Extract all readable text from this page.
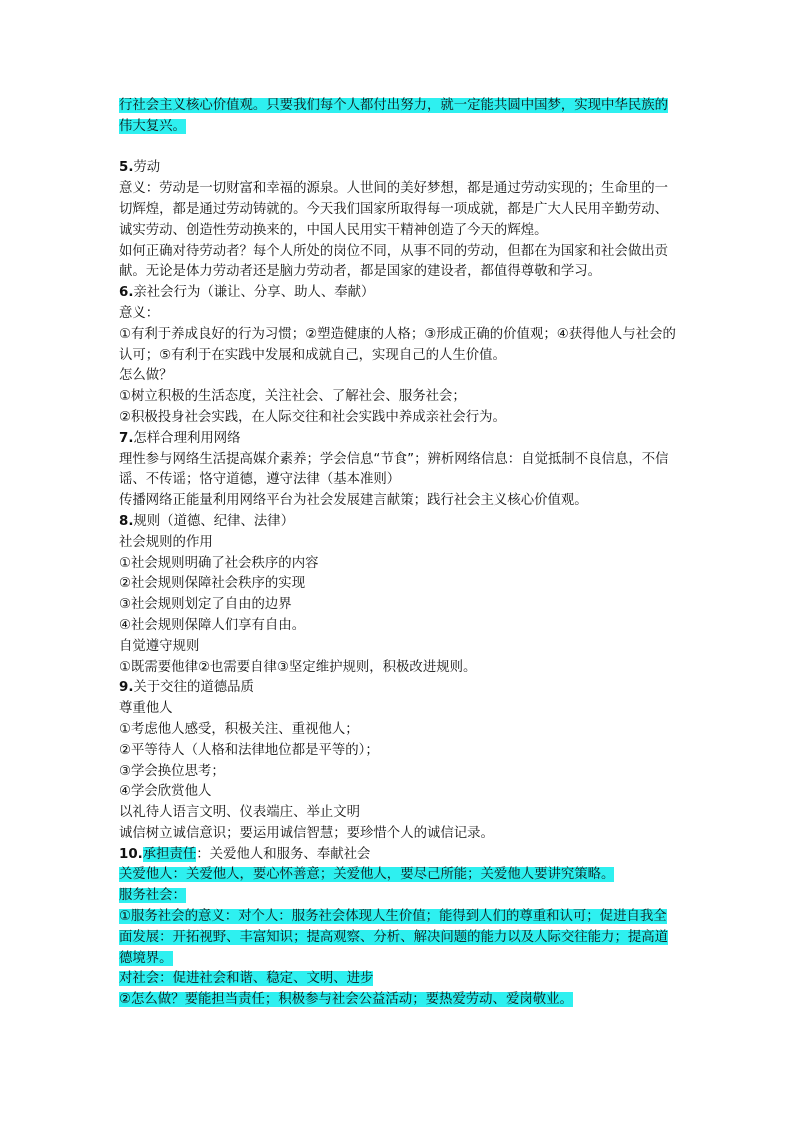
行社会主义核心价值观。只要我们每个人都付出努力，就一定能共圆中国梦，实现中华民族的伟大复兴。

5.劳动

意义：劳动是一切财富和幸福的源泉。人世间的美好梦想，都是通过劳动实现的；生命里的一切辉煌，都是通过劳动铸就的。今天我们国家所取得每一项成就，都是广大人民用辛勤劳动、诚实劳动、创造性劳动换来的，中国人民用实干精神创造了今天的辉煌。

如何正确对待劳动者？每个人所处的岗位不同，从事不同的劳动，但都在为国家和社会做出贡献。无论是体力劳动者还是脑力劳动者，都是国家的建设者，都值得尊敬和学习。

6.亲社会行为（谦让、分享、助人、奉献）

意义：

①有利于养成良好的行为习惯；②塑造健康的人格；③形成正确的价值观；④获得他人与社会的认可；⑤有利于在实践中发展和成就自己，实现自己的人生价值。

怎么做？

①树立积极的生活态度，关注社会、了解社会、服务社会；

②积极投身社会实践，在人际交往和社会实践中养成亲社会行为。

7.怎样合理利用网络

理性参与网络生活提高媒介素养；学会信息“节食”；辨析网络信息：自觉抵制不良信息，不信谣、不传谣；恪守道德，遵守法律（基本准则）

传播网络正能量利用网络平台为社会发展建言献策；践行社会主义核心价值观。

8.规则（道德、纪律、法律）

社会规则的作用

①社会规则明确了社会秩序的内容

②社会规则保障社会秩序的实现

③社会规则划定了自由的边界

④社会规则保障人们享有自由。

自觉遵守规则

①既需要他律②也需要自律③坚定维护规则，积极改进规则。

9.关于交往的道德品质

尊重他人

①考虑他人感受，积极关注、重视他人；

②平等待人（人格和法律地位都是平等的）；

③学会换位思考；

④学会欣赏他人

以礼待人语言文明、仪表端庄、举止文明

诚信树立诚信意识；要运用诚信智慧；要珍惜个人的诚信记录。

10.承担责任：关爱他人和服务、奉献社会

关爱他人：关爱他人，要心怀善意；关爱他人，要尽己所能；关爱他人要讲究策略。

服务社会：

①服务社会的意义：对个人：服务社会体现人生价值；能得到人们的尊重和认可；促进自我全面发展：开拓视野、丰富知识；提高观察、分析、解决问题的能力以及人际交往能力；提高道德境界。

对社会：促进社会和谐、稳定、文明、进步

②怎么做？要能担当责任；积极参与社会公益活动；要热爱劳动、爱岗敬业。
